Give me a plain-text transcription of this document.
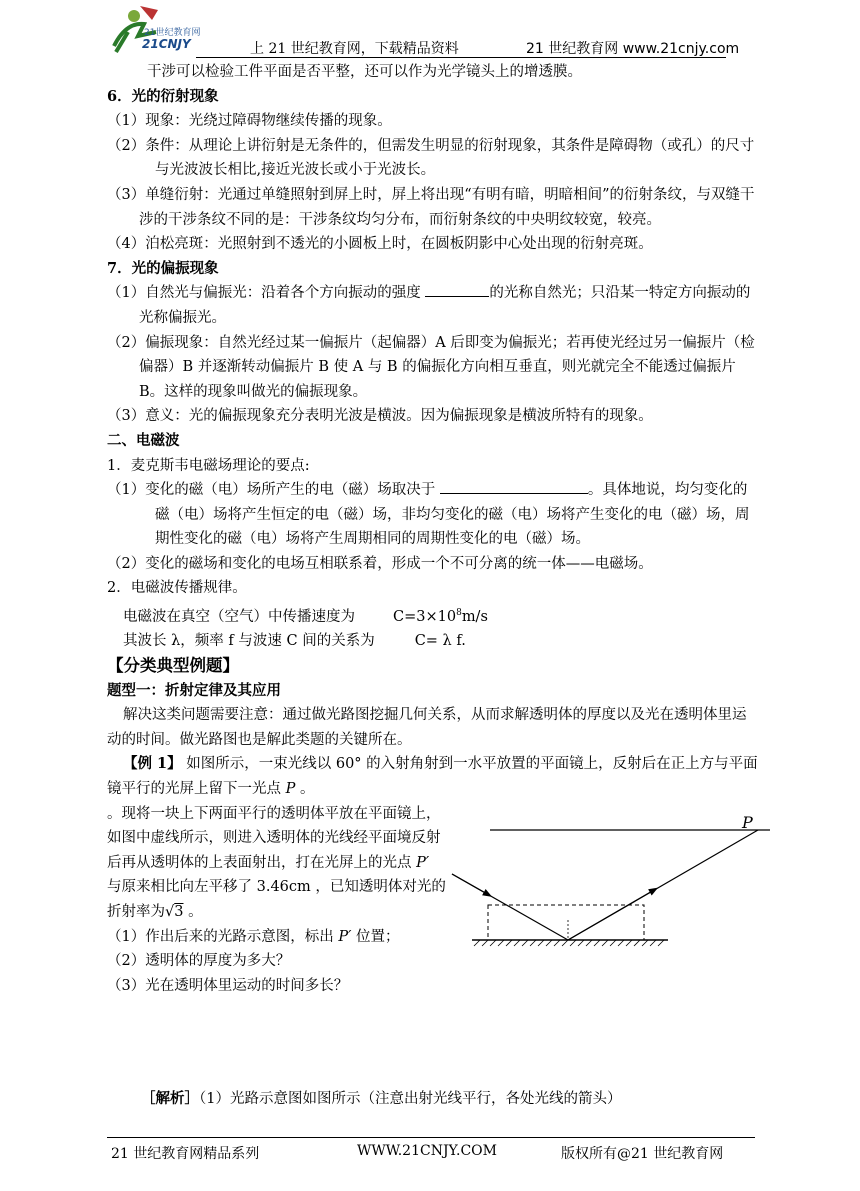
21世纪教育网
21CNJY	上 21 世纪教育网，下载精品资料	21 世纪教育网 www.21cnjy.com

干涉可以检验工件平面是否平整，还可以作为光学镜头上的增透膜。

6．光的衍射现象

（1）现象：光绕过障碍物继续传播的现象。

（2）条件：从理论上讲衍射是无条件的，但需发生明显的衍射现象，其条件是障碍物（或孔）的尺寸与光波波长相比,接近光波长或小于光波长。

（3）单缝衍射：光通过单缝照射到屏上时，屏上将出现“有明有暗，明暗相间”的衍射条纹，与双缝干涉的干涉条纹不同的是：干涉条纹均匀分布，而衍射条纹的中央明纹较宽，较亮。

（4）泊松亮斑：光照射到不透光的小圆板上时，在圆板阴影中心处出现的衍射亮斑。

7．光的偏振现象

（1）自然光与偏振光：沿着各个方向振动的强度	的光称自然光；只沿某一特定方向振动的光称偏振光。

（2）偏振现象：自然光经过某一偏振片（起偏器）A 后即变为偏振光；若再使光经过另一偏振片（检偏器）B 并逐渐转动偏振片 B 使 A 与 B 的偏振化方向相互垂直，则光就完全不能透过偏振片 B。这样的现象叫做光的偏振现象。

（3）意义：光的偏振现象充分表明光波是横波。因为偏振现象是横波所特有的现象。

二、电磁波

1．麦克斯韦电磁场理论的要点:

（1）变化的磁（电）场所产生的电（磁）场取决于	。具体地说，均匀变化的磁（电）场将产生恒定的电（磁）场，非均匀变化的磁（电）场将产生变化的电（磁）场，周期性变化的磁（电）场将产生周期相同的周期性变化的电（磁）场。

（2）变化的磁场和变化的电场互相联系着，形成一个不可分离的统一体——电磁场。

2．电磁波传播规律。

电磁波在真空（空气）中传播速度为	$C=3\times 10^8m/s$

其波长 λ，频率 f 与波速 C 间的关系为	C= λ f.

【分类典型例题】

题型一：折射定律及其应用

解决这类问题需要注意：通过做光路图挖掘几何关系，从而求解透明体的厚度以及光在透明体里运动的时间。做光路图也是解此类题的关键所在。

【例 1】 如图所示，一束光线以 60° 的入射角射到一水平放置的平面镜上，反射后在正上方与平面镜平行的光屏上留下一光点 P 。

。现将一块上下两面平行的透明体平放在平面镜上，如图中虚线所示，则进入透明体的光线经平面境反射后再从透明体的上表面射出，打在光屏上的光点 P′ 与原来相比向左平移了 3.46cm ，已知透明体对光的折射率为√3 。

（1）作出后来的光路示意图，标出 P′ 位置；

（2）透明体的厚度为多大？

（3）光在透明体里运动的时间多长？

P
［解析］（1）光路示意图如图所示（注意出射光线平行，各处光线的箭头）
21 世纪教育网精品系列	WWW.21CNJY.COM	版权所有@21 世纪教育网
